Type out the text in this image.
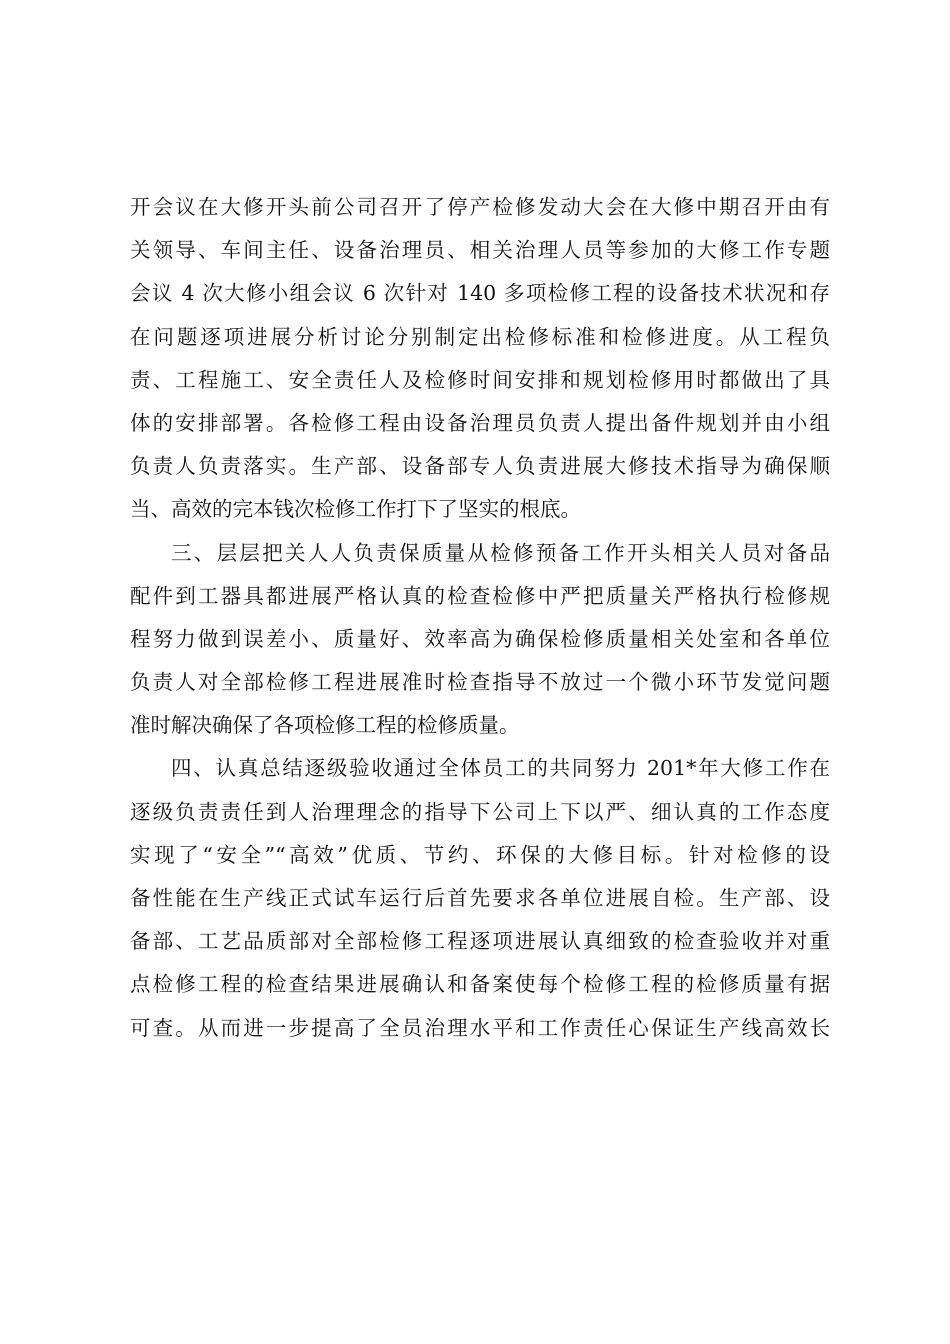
开会议在大修开头前公司召开了停产检修发动大会在大修中期召开由有
关领导、车间主任、设备治理员、相关治理人员等参加的大修工作专题
会议 4 次大修小组会议 6 次针对 140 多项检修工程的设备技术状况和存
在问题逐项进展分析讨论分别制定出检修标准和检修进度。从工程负
责、工程施工、安全责任人及检修时间安排和规划检修用时都做出了具
体的安排部署。各检修工程由设备治理员负责人提出备件规划并由小组
负责人负责落实。生产部、设备部专人负责进展大修技术指导为确保顺
当、高效的完本钱次检修工作打下了坚实的根底。
三、层层把关人人负责保质量从检修预备工作开头相关人员对备品
配件到工器具都进展严格认真的检查检修中严把质量关严格执行检修规
程努力做到误差小、质量好、效率高为确保检修质量相关处室和各单位
负责人对全部检修工程进展准时检查指导不放过一个微小环节发觉问题
准时解决确保了各项检修工程的检修质量。
四、认真总结逐级验收通过全体员工的共同努力 201*年大修工作在
逐级负责责任到人治理理念的指导下公司上下以严、细认真的工作态度
实现了“安全”“高效”优质、节约、环保的大修目标。针对检修的设
备性能在生产线正式试车运行后首先要求各单位进展自检。生产部、设
备部、工艺品质部对全部检修工程逐项进展认真细致的检查验收并对重
点检修工程的检查结果进展确认和备案使每个检修工程的检修质量有据
可查。从而进一步提高了全员治理水平和工作责任心保证生产线高效长
